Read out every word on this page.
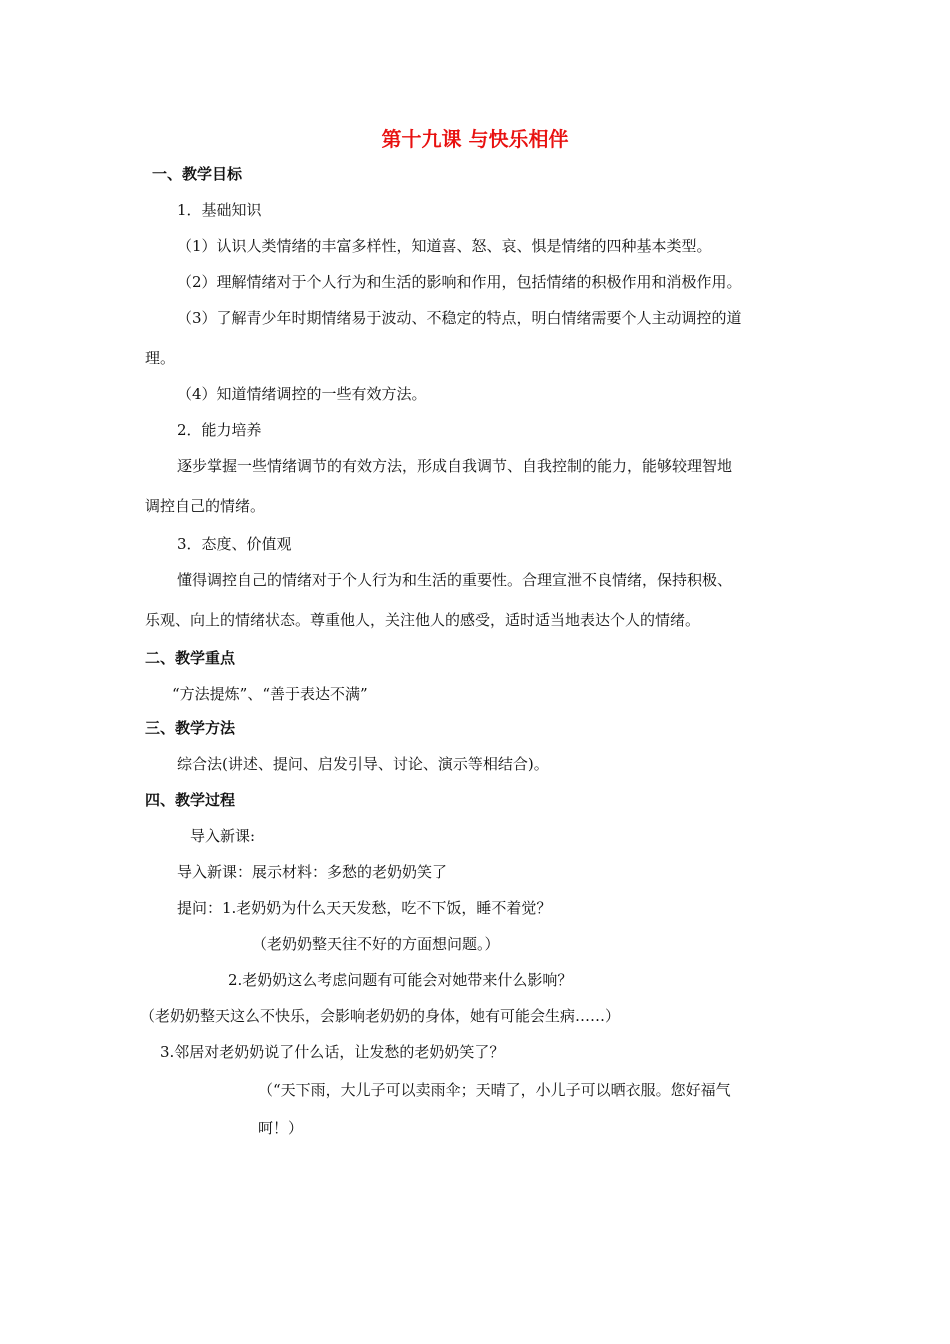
第十九课 与快乐相伴
一、教学目标
1．基础知识
（1）认识人类情绪的丰富多样性，知道喜、怒、哀、惧是情绪的四种基本类型。
（2）理解情绪对于个人行为和生活的影响和作用，包括情绪的积极作用和消极作用。
（3）了解青少年时期情绪易于波动、不稳定的特点，明白情绪需要个人主动调控的道
理。
（4）知道情绪调控的一些有效方法。
2．能力培养
逐步掌握一些情绪调节的有效方法，形成自我调节、自我控制的能力，能够较理智地
调控自己的情绪。
3．态度、价值观
懂得调控自己的情绪对于个人行为和生活的重要性。合理宣泄不良情绪，保持积极、
乐观、向上的情绪状态。尊重他人，关注他人的感受，适时适当地表达个人的情绪。
二、教学重点
“方法提炼”、“善于表达不满”
三、教学方法
综合法(讲述、提问、启发引导、讨论、演示等相结合)。
四、教学过程
导入新课:
导入新课：展示材料：多愁的老奶奶笑了
提问：1.老奶奶为什么天天发愁，吃不下饭，睡不着觉？
（老奶奶整天往不好的方面想问题。）
2.老奶奶这么考虑问题有可能会对她带来什么影响？
（老奶奶整天这么不快乐，会影响老奶奶的身体，她有可能会生病……）
3.邻居对老奶奶说了什么话，让发愁的老奶奶笑了？
（“天下雨，大儿子可以卖雨伞；天晴了，小儿子可以晒衣服。您好福气
呵！）
